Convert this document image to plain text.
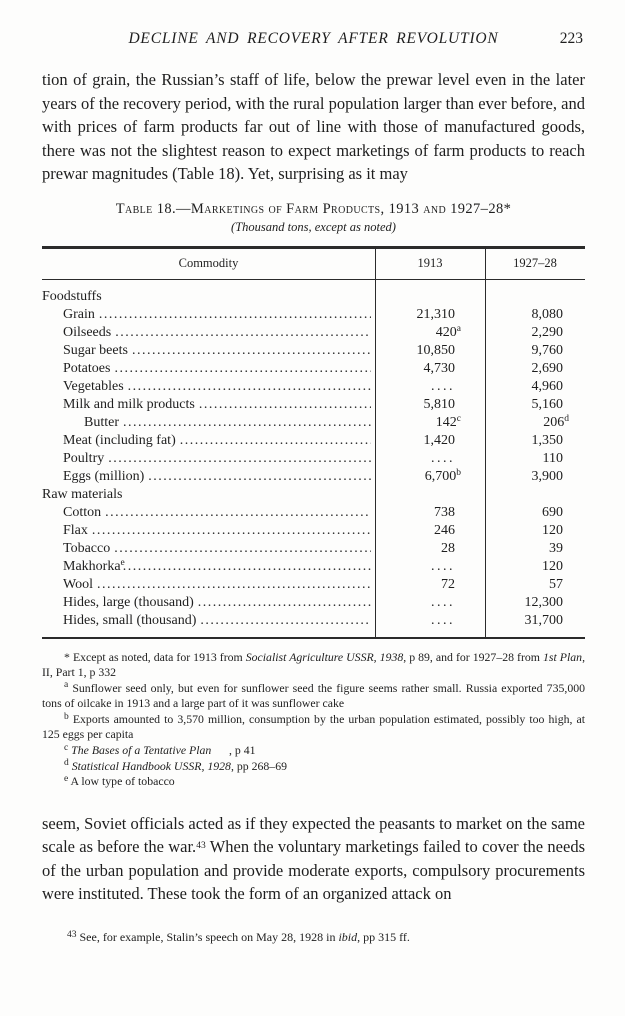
DECLINE AND RECOVERY AFTER REVOLUTION	223

tion of grain, the Russian’s staff of life, below the prewar level even in the later years of the recovery period, with the rural population larger than ever before, and with prices of farm products far out of line with those of manufactured goods, there was not the slightest reason to expect marketings of farm products to reach prewar magnitudes (Table 18). Yet, surprising as it may

Table 18.—Marketings of Farm Products, 1913 and 1927–28*
(Thousand tons, except as noted)
Commodity	1913	1927–28
Foodstuffs
Grain .....	21,310	8,080
Oilseeds .....	420$^a$	2,290
Sugar beets .....	10,850	9,760
Potatoes .....	4,730	2,690
Vegetables .....	....	4,960
Milk and milk products .....	5,810	5,160
Butter .....	142$^c$	206$^d$
Meat (including fat) .....	1,420	1,350
Poultry .....	....	110
Eggs (million) .....	6,700$^b$	3,900
Raw materials
Cotton .....	738	690
Flax .....	246	120
Tobacco .....	28	39
Makhorka$^e$ .....	....	120
Wool .....	72	57
Hides, large (thousand) .....	....	12,300
Hides, small (thousand) .....	....	31,700

* Except as noted, data for 1913 from Socialist Agriculture USSR, 1938, p 89, and for 1927–28 from 1st Plan, II, Part 1, p 332

$^a$ Sunflower seed only, but even for sunflower seed the figure seems rather small. Russia exported 735,000 tons of oilcake in 1913 and a large part of it was sunflower cake

$^b$ Exports amounted to 3,570 million, consumption by the urban population estimated, possibly too high, at 125 eggs per capita

$^c$ The Bases of a Tentative Plan      , p 41

$^d$ Statistical Handbook USSR, 1928, pp 268–69

$^e$ A low type of tobacco

seem, Soviet officials acted as if they expected the peasants to market on the same scale as before the war.$^{43}$ When the voluntary marketings failed to cover the needs of the urban population and provide moderate exports, compulsory procurements were instituted. These took the form of an organized attack on

$^{43}$ See, for example, Stalin’s speech on May 28, 1928 in ibid, pp 315 ff.
